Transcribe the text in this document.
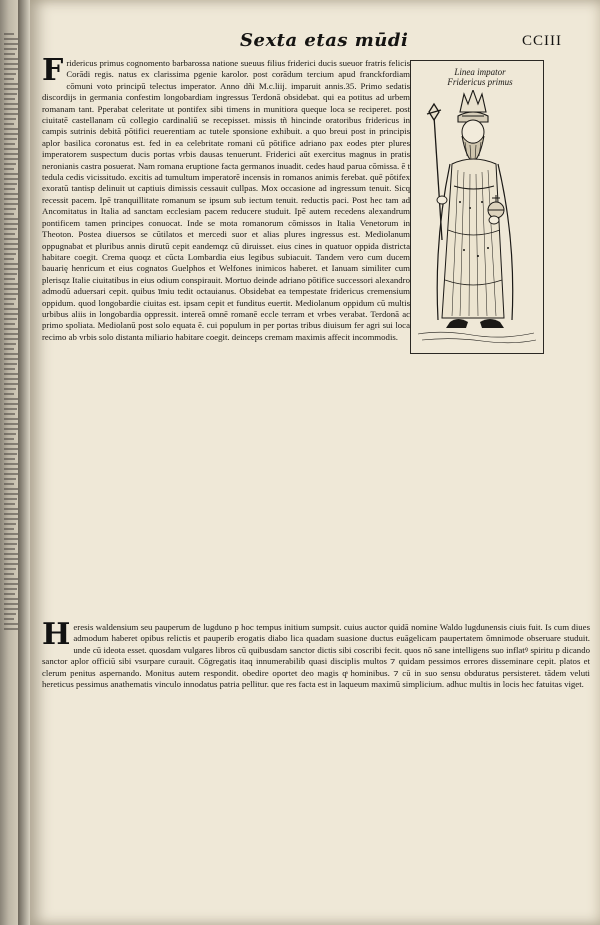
Sexta etas mūdi	CCIII

Fridericus primus cognomento barbarossa natione sueuus filius friderici ducis sueuor fratris felicis Corādi regis. natus ex clarissima pgenie karolor. post corādum tercium apud franckfordiam cōmuni voto principū telectus imperator. Anno dñi M.c.liij. imparuit annis.35. Primo sedatis discordijs in germania confestim longobardiam ingressus Terdonā obsidebat. qui ea potitus ad urbem romanam tant. Pperabat celeritate ut pontifex sibi timens in munitiora queque loca se reciperet. post ciuitatē castellanam cū collegio cardinaliū se recepisset. missis tñ hincinde oratoribus fridericus in campis sutrinis debitā pōtifici reuerentiam ac tutele sponsione exhibuit. a quo breui post in principis aplor basilica coronatus est. fed in ea celebritate romani cū pōtifice adriano pax eodes pter plures imperatorem suspectum ducis portas vrbis dausas tenuerunt. Friderici aūt exercitus magnus in pratis neronianis castra posuerat. Nam romana eruptione facta germanos inuadit. cedes haud parua cōmissa. ē t tedula cedis vicissitudo. excitis ad tumultum imperatorẽ incensis in romanos animis ferebat. quē pōtifex exoratū tantisp delinuit ut captiuis dimissis cessauit cullpas. Mox occasione ad ingressum tenuit. Sicq recessit pacem. Ipē tranquillitate romanum se ipsum sub iectum tenuit. reductis paci. Post hec tam ad Ancomitatus in Italia ad sanctam ecclesiam pacem reducere studuit. Ipē autem recedens alexandrum pontificem tamen principes conuocat. Inde se mota romanorum cōmissos in Italia Venetorum in Theoton. Postea diuersos se cūtilatos et mercedi suor et alias plures ingressus est. Mediolanum oppugnabat et pluribus annis dirutū cepit eandemqz cū diruisset. eius cines in quatuor oppida districta habitare coegit. Crema quoqz et cūcta Lombardia eius legibus subiacuit. Tandem vero cum ducem bauarię henricum et eius cognatos Guelphos et Welfones inimicos haberet. et Ianuam similiter cum plerisqz Italie ciuitatibus in eius odium conspirauit. Mortuo deinde adriano pōtifice successori alexandro admodū aduersari cepit. quibus īmiu tedit octauianus. Obsidebat ea tempestate fridericus cremensium oppidum. quod longobardie ciuitas est. ipsam cepit et funditus euertit. Mediolanum oppidum cū multis urbibus aliis in longobardia oppressit. intereā omnē romanē eccle terram et vrbes verabat. Terdonā ac primo spoliata. Mediolanū post solo equata ē. cui populum in per portas tribus diuisum fer agri sui loca recimo ab vrbis solo distanta miliario habitare coegit. deinceps cremam maximis affecit incommodis.

Linea impator
Fridericus primus

Heresis waldensium seu pauperum de lugduno p hoc tempus initium sumpsit. cuius auctor quidā nomine Waldo lugdunensis ciuis fuit. Is cum diues admodum haberet opibus relictis et pauperib erogatis diabo lica quadam suasione ductus euāgelicam paupertatem ōmnimode obseruare studuit. unde cū ideota esset. quosdam vulgares libros cū quibusdam sanctor dictis sibi coscribi fecit. quos nō sane intelligens suo inflatꝰ spiritu p dicando sanctor aplor officiū sibi vsurpare curauit. Cōgregatis itaq innumerabilib quasi disciplis multos ⁊ quidam pessimos errores disseminare cepit. platos et clerum penitus aspernando. Monitus autem respondit. obedire oportet deo magis qͣ hominibus. ⁊ cū in suo sensu obduratus persisteret. tādem veluti hereticus pessimus anathematis vinculo innodatus patria pellitur. que res facta est in laqueum maximū simplicium. adhuc multis in locis hec fatuitas viget.
